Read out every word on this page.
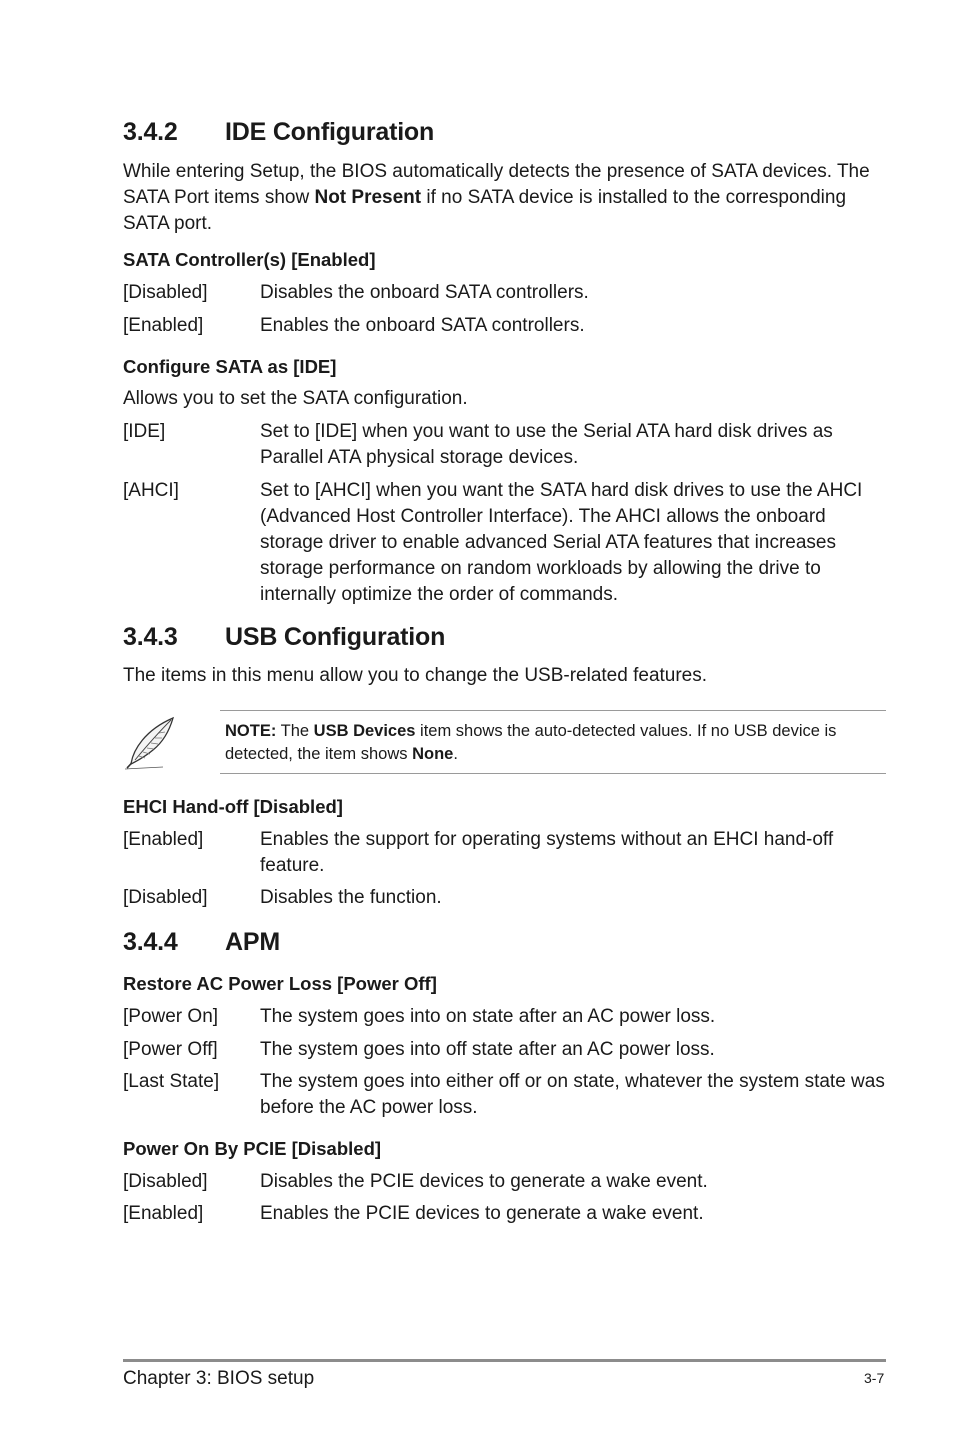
3.4.2 IDE Configuration
While entering Setup, the BIOS automatically detects the presence of SATA devices. The SATA Port items show Not Present if no SATA device is installed to the corresponding SATA port.
SATA Controller(s) [Enabled]
[Disabled]	Disables the onboard SATA controllers.
[Enabled]	Enables the onboard SATA controllers.
Configure SATA as [IDE]
Allows you to set the SATA configuration.
[IDE]	Set to [IDE] when you want to use the Serial ATA hard disk drives as Parallel ATA physical storage devices.
[AHCI]	Set to [AHCI] when you want the SATA hard disk drives to use the AHCI (Advanced Host Controller Interface). The AHCI allows the onboard storage driver to enable advanced Serial ATA features that increases storage performance on random workloads by allowing the drive to internally optimize the order of commands.
3.4.3 USB Configuration
The items in this menu allow you to change the USB-related features.
NOTE: The USB Devices item shows the auto-detected values. If no USB device is detected, the item shows None.
EHCI Hand-off [Disabled]
[Enabled]	Enables the support for operating systems without an EHCI hand-off feature.
[Disabled]	Disables the function.
3.4.4 APM
Restore AC Power Loss [Power Off]
[Power On] The system goes into on state after an AC power loss.
[Power Off] The system goes into off state after an AC power loss.
[Last State] The system goes into either off or on state, whatever the system state was before the AC power loss.
Power On By PCIE [Disabled]
[Disabled]	Disables the PCIE devices to generate a wake event.
[Enabled]	Enables the PCIE devices to generate a wake event.
Chapter 3: BIOS setup	3-7
